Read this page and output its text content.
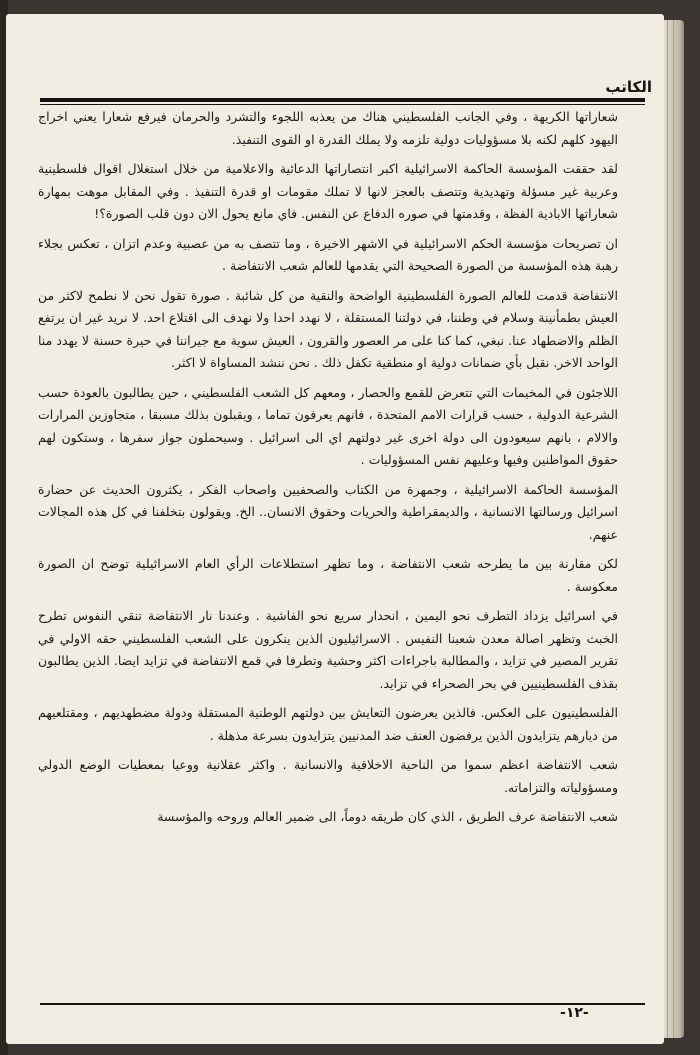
الكاتب

شعاراتها الكريهة ، وفي الجانب الفلسطيني هناك من يعذبه اللجوء والتشرد والحرمان فيرفع شعارا يعني اخراج اليهود كلهم لكنه بلا مسؤوليات دولية تلزمه ولا يملك القدرة او القوى التنفيذ.

لقد حققت المؤسسة الحاكمة الاسرائيلية اكبر انتصاراتها الدعائية والاعلامية من خلال استغلال اقوال فلسطينية وعربية غير مسؤلة وتهديدية وتتصف بالعجز لانها لا تملك مقومات او قدرة التنفيذ . وفي المقابل موهت بمهارة شعاراتها الابادية الفظة ، وقدمتها في صوره الدفاع عن النفس. فاي مانع يحول الان دون قلب الصورة؟!

ان تصريحات مؤسسة الحكم الاسرائيلية في الاشهر الاخيرة ، وما تتصف به من عصبية وعدم اتزان ، تعكس بجلاء رهبة هذه المؤسسة من الصورة الصحيحة التي يقدمها للعالم شعب الانتفاضة .

الانتفاضة قدمت للعالم الصورة الفلسطينية الواضحة والنقية من كل شائبة . صورة تقول نحن لا نطمح لاكثر من العيش بطمأنينة وسلام في وطننا، في دولتنا المستقلة ، لا نهدد احدا ولا نهدف الى اقتلاع احد. لا نريد غير ان يرتفع الظلم والاضطهاد عنا. نبغي، كما كنا على مر العصور والقرون ، العيش سوية مع جيراننا في حيرة حسنة لا يهدد منا الواحد الاخر. نقبل بأي ضمانات دولية او منطقية تكفل ذلك . نحن ننشد المساواة لا اكثر.

اللاجئون في المخيمات التي تتعرض للقمع والحصار ، ومعهم كل الشعب الفلسطيني ، حين يطالبون بالعودة حسب الشرعية الدولية ، حسب قرارات الامم المتحدة ، فانهم يعرفون تماما ، ويقبلون بذلك مسبقا ، متجاوزين المرارات والالام ، بانهم سيعودون الى دولة اخرى غير دولتهم اي الى اسرائيل . وسيحملون جواز سفرها ، وستكون لهم حقوق المواطنين وفيها وعليهم نفس المسؤوليات .

المؤسسة الحاكمة الاسرائيلية ، وجمهرة من الكتاب والصحفيين واصحاب الفكر ، يكثرون الحديث عن حضارة اسرائيل ورسالتها الانسانية ، والديمقراطية والحريات وحقوق الانسان.. الخ. ويقولون بتخلفنا في كل هذه المجالات عنهم.

لكن مقارنة بين ما يطرحه شعب الانتفاضة ، وما تظهر استطلاعات الرأي العام الاسرائيلية توضح ان الصورة معكوسة .

في اسرائيل يزداد التطرف نحو اليمين ، انحدار سريع نحو الفاشية . وعندنا نار الانتفاضة تنقي النفوس تطرح الخبث وتظهر اصالة معدن شعبنا النفيس . الاسرائيليون الذين ينكرون على الشعب الفلسطيني حقه الاولي في تقرير المصير في تزايد ، والمطالبة باجراءات اكثر وحشية وتطرفا في قمع الانتفاضة في تزايد ايضا. الذين يطالبون بقذف الفلسطينيين في بحر الصحراء في تزايد.

الفلسطينيون على العكس. فالذين يعرضون التعايش بين دولتهم الوطنية المستقلة ودولة مضطهديهم ، ومقتلعيهم من ديارهم يتزايدون الذين يرفضون العنف ضد المدنيين يتزايدون بسرعة مذهلة .

شعب الانتفاضة اعظم سموا من الناحية الاخلاقية والانسانية . واكثر عقلانية ووعيا بمعطيات الوضع الدولي ومسؤولياته والتزاماته.

شعب الانتفاضة عرف الطريق ، الذي كان طريقه دوماً، الى ضمير العالم وروحه والمؤسسة

-١٢-
